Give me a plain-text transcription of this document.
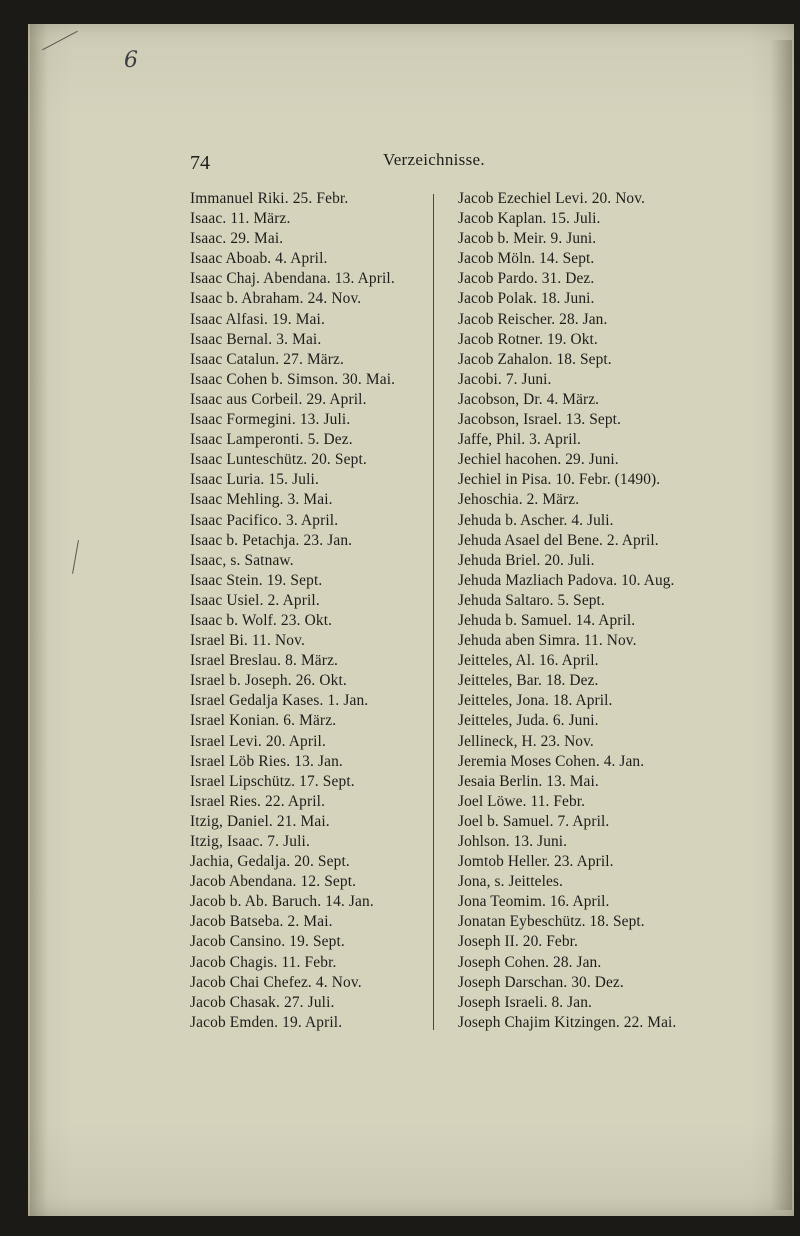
6
74	Verzeichnisse.
Immanuel Riki. 25. Febr.
Isaac. 11. März.
Isaac. 29. Mai.
Isaac Aboab. 4. April.
Isaac Chaj. Abendana. 13. April.
Isaac b. Abraham. 24. Nov.
Isaac Alfasi. 19. Mai.
Isaac Bernal. 3. Mai.
Isaac Catalun. 27. März.
Isaac Cohen b. Simson. 30. Mai.
Isaac aus Corbeil. 29. April.
Isaac Formegini. 13. Juli.
Isaac Lamperonti. 5. Dez.
Isaac Lunteschütz. 20. Sept.
Isaac Luria. 15. Juli.
Isaac Mehling. 3. Mai.
Isaac Pacifico. 3. April.
Isaac b. Petachja. 23. Jan.
Isaac, s. Satnaw.
Isaac Stein. 19. Sept.
Isaac Usiel. 2. April.
Isaac b. Wolf. 23. Okt.
Israel Bi. 11. Nov.
Israel Breslau. 8. März.
Israel b. Joseph. 26. Okt.
Israel Gedalja Kases. 1. Jan.
Israel Konian. 6. März.
Israel Levi. 20. April.
Israel Löb Ries. 13. Jan.
Israel Lipschütz. 17. Sept.
Israel Ries. 22. April.
Itzig, Daniel. 21. Mai.
Itzig, Isaac. 7. Juli.
Jachia, Gedalja. 20. Sept.
Jacob Abendana. 12. Sept.
Jacob b. Ab. Baruch. 14. Jan.
Jacob Batseba. 2. Mai.
Jacob Cansino. 19. Sept.
Jacob Chagis. 11. Febr.
Jacob Chai Chefez. 4. Nov.
Jacob Chasak. 27. Juli.
Jacob Emden. 19. April.
Jacob Ezechiel Levi. 20. Nov.
Jacob Kaplan. 15. Juli.
Jacob b. Meir. 9. Juni.
Jacob Möln. 14. Sept.
Jacob Pardo. 31. Dez.
Jacob Polak. 18. Juni.
Jacob Reischer. 28. Jan.
Jacob Rotner. 19. Okt.
Jacob Zahalon. 18. Sept.
Jacobi. 7. Juni.
Jacobson, Dr. 4. März.
Jacobson, Israel. 13. Sept.
Jaffe, Phil. 3. April.
Jechiel hacohen. 29. Juni.
Jechiel in Pisa. 10. Febr. (1490).
Jehoschia. 2. März.
Jehuda b. Ascher. 4. Juli.
Jehuda Asael del Bene. 2. April.
Jehuda Briel. 20. Juli.
Jehuda Mazliach Padova. 10. Aug.
Jehuda Saltaro. 5. Sept.
Jehuda b. Samuel. 14. April.
Jehuda aben Simra. 11. Nov.
Jeitteles, Al. 16. April.
Jeitteles, Bar. 18. Dez.
Jeitteles, Jona. 18. April.
Jeitteles, Juda. 6. Juni.
Jellineck, H. 23. Nov.
Jeremia Moses Cohen. 4. Jan.
Jesaia Berlin. 13. Mai.
Joel Löwe. 11. Febr.
Joel b. Samuel. 7. April.
Johlson. 13. Juni.
Jomtob Heller. 23. April.
Jona, s. Jeitteles.
Jona Teomim. 16. April.
Jonatan Eybeschütz. 18. Sept.
Joseph II. 20. Febr.
Joseph Cohen. 28. Jan.
Joseph Darschan. 30. Dez.
Joseph Israeli. 8. Jan.
Joseph Chajim Kitzingen. 22. Mai.
